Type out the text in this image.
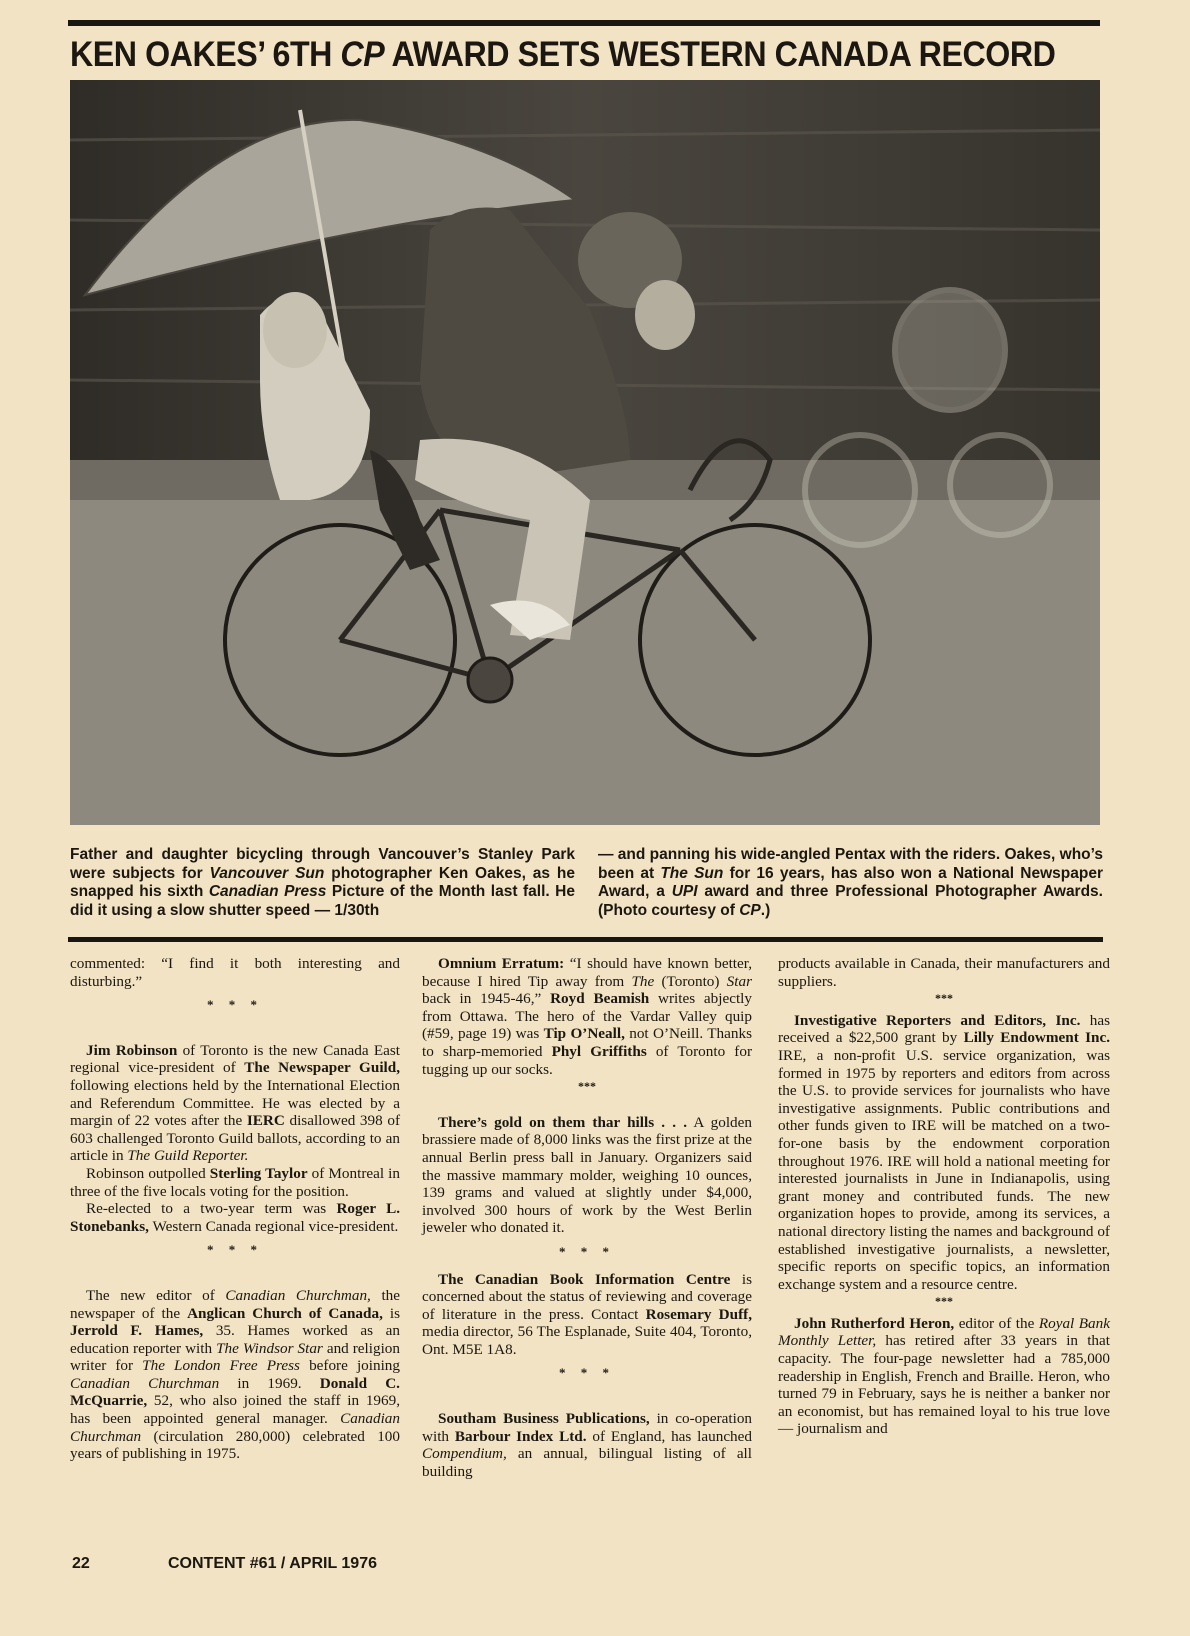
KEN OAKES’ 6TH CP AWARD SETS WESTERN CANADA RECORD
Father and daughter bicycling through Vancouver’s Stanley Park were subjects for Vancouver Sun photographer Ken Oakes, as he snapped his sixth Canadian Press Picture of the Month last fall. He did it using a slow shutter speed — 1/30th
— and panning his wide-angled Pentax with the riders. Oakes, who’s been at The Sun for 16 years, has also won a National Newspaper Award, a UPI award and three Professional Photographer Awards. (Photo courtesy of CP.)

commented: “I find it both interesting and disturbing.”

* * *

Jim Robinson of Toronto is the new Canada East regional vice-president of The Newspaper Guild, following elections held by the International Election and Referendum Committee. He was elected by a margin of 22 votes after the IERC disallowed 398 of 603 challenged Toronto Guild ballots, according to an article in The Guild Reporter.

Robinson outpolled Sterling Taylor of Montreal in three of the five locals voting for the position.

Re-elected to a two-year term was Roger L. Stonebanks, Western Canada regional vice-president.

* * *

The new editor of Canadian Churchman, the newspaper of the Anglican Church of Canada, is Jerrold F. Hames, 35. Hames worked as an education reporter with The Windsor Star and religion writer for The London Free Press before joining Canadian Churchman in 1969. Donald C. McQuarrie, 52, who also joined the staff in 1969, has been appointed general manager. Canadian Churchman (circulation 280,000) celebrated 100 years of publishing in 1975.

Omnium Erratum: “I should have known better, because I hired Tip away from The (Toronto) Star back in 1945-46,” Royd Beamish writes abjectly from Ottawa. The hero of the Vardar Valley quip (#59, page 19) was Tip O’Neall, not O’Neill. Thanks to sharp-memoried Phyl Griffiths of Toronto for tugging up our socks.

***

There’s gold on them thar hills . . . A golden brassiere made of 8,000 links was the first prize at the annual Berlin press ball in January. Organizers said the massive mammary molder, weighing 10 ounces, 139 grams and valued at slightly under $4,000, involved 300 hours of work by the West Berlin jeweler who donated it.

* * *

The Canadian Book Information Centre is concerned about the status of reviewing and coverage of literature in the press. Contact Rosemary Duff, media director, 56 The Esplanade, Suite 404, Toronto, Ont. M5E 1A8.

* * *

Southam Business Publications, in co-operation with Barbour Index Ltd. of England, has launched Compendium, an annual, bilingual listing of all building

products available in Canada, their manufacturers and suppliers.

***

Investigative Reporters and Editors, Inc. has received a $22,500 grant by Lilly Endowment Inc. IRE, a non-profit U.S. service organization, was formed in 1975 by reporters and editors from across the U.S. to provide services for journalists who have investigative assignments. Public contributions and other funds given to IRE will be matched on a two-for-one basis by the endowment corporation throughout 1976. IRE will hold a national meeting for interested journalists in June in Indianapolis, using grant money and contributed funds. The new organization hopes to provide, among its services, a national directory listing the names and background of established investigative journalists, a newsletter, specific reports on specific topics, an information exchange system and a resource centre.

***

John Rutherford Heron, editor of the Royal Bank Monthly Letter, has retired after 33 years in that capacity. The four-page newsletter had a 785,000 readership in English, French and Braille. Heron, who turned 79 in February, says he is neither a banker nor an economist, but has remained loyal to his true love — journalism and

22	CONTENT #61 / APRIL 1976
